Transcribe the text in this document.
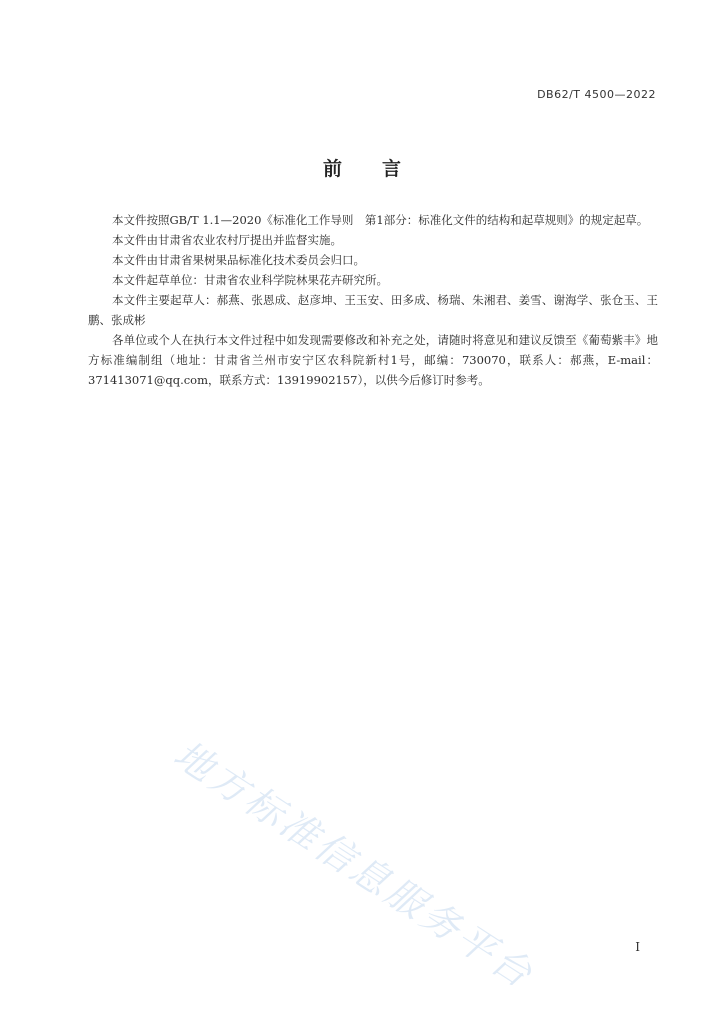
DB62/T 4500—2022
前言

本文件按照GB/T 1.1—2020《标准化工作导则　第1部分：标准化文件的结构和起草规则》的规定起草。

本文件由甘肃省农业农村厅提出并监督实施。

本文件由甘肃省果树果品标准化技术委员会归口。

本文件起草单位：甘肃省农业科学院林果花卉研究所。

本文件主要起草人：郝燕、张恩成、赵彦坤、王玉安、田多成、杨瑞、朱湘君、姜雪、谢海学、张仓玉、王鹏、张成彬

各单位或个人在执行本文件过程中如发现需要修改和补充之处，请随时将意见和建议反馈至《葡萄紫丰》地方标准编制组（地址：甘肃省兰州市安宁区农科院新村1号，邮编：730070，联系人：郝燕，E-mail：371413071@qq.com，联系方式：13919902157），以供今后修订时参考。

地方标准信息服务平台	I
